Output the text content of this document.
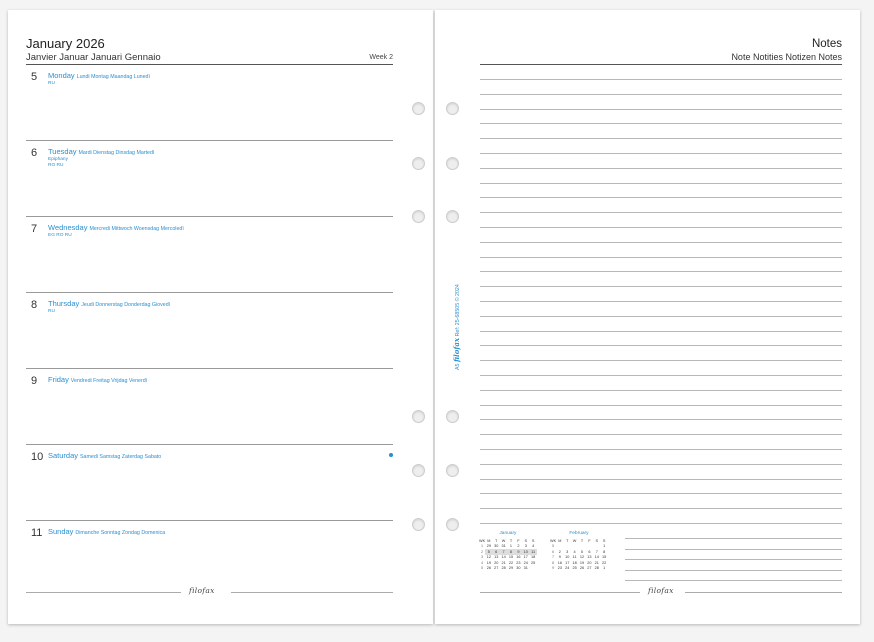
January 2026
Janvier Januar Januari Gennaio	Week 2
5 Monday Lundi Montag Maandag Lunedì
RU
6 Tuesday Mardi Dienstag Dinsdag Martedì
Epiphany
RO RU
7 Wednesday Mercredi Mittwoch Woensdag Mercoledì
EG RO RU
8 Thursday Jeudi Donnerstag Donderdag Giovedì
RU
9 Friday Vendredi Freitag Vrijdag Venerdì
10 Saturday Samedi Samstag Zaterdag Sabato
11 Sunday Dimanche Sonntag Zondag Domenica
filofax
Notes
Note Notities Notizen Notes
A5 filofax Ref: 25-68505 © 2024
January
WK	M	T	W	T	F	S	S
1	29	30	31	1	2	3	4
2	5	6	7	8	9	10	11
3	12	13	14	15	16	17	18
4	19	20	21	22	23	24	25
5	26	27	28	29	30	31	
February
WK	M	T	W	T	F	S	S
5							1
6	2	3	4	5	6	7	8
7	9	10	11	12	13	14	15
8	16	17	18	19	20	21	22
9	23	24	25	26	27	28	1
filofax
